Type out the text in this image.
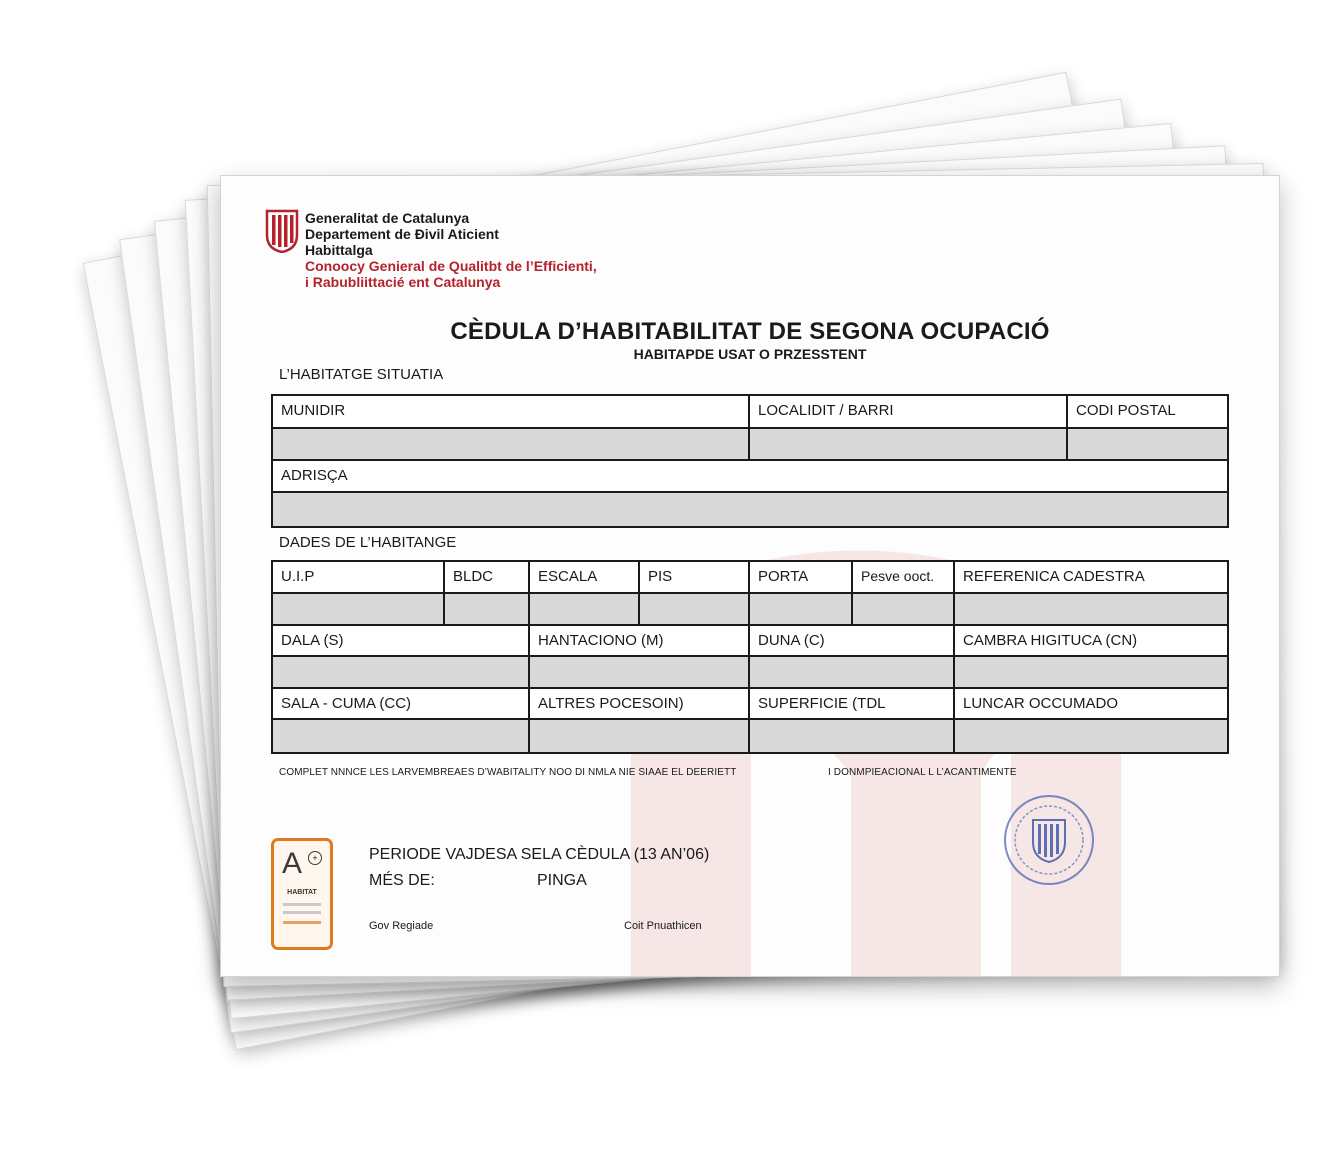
Generalitat de Catalunya
Departement de Ðivil Aticient
Habittalga
Conoocy Genieral de Qualitbt de l’Efficienti,
i Rabubliittacié ent Catalunya
CÈDULA D’HABITABILITAT DE SEGONA OCUPACIÓ
HABITAPDE USAT O PRZESSTENT
L’HABITATGE SITUATIA
MUNIDIR	LOCALIDIT / BARRI	CODI POSTAL
ADRISÇA
DADES DE L’HABITANGE
U.I.P	BLDC	ESCALA	PIS	PORTA	Pesve ooct.	REFERENICA CADESTRA
DALA (S)	HANTACIONO (M)	DUNA (C)	CAMBRA HIGITUCA (CN)
SALA - CUMA (CC)	ALTRES POCESOIN)	SUPERFICIE (TDL	LUNCAR OCCUMADO
COMPLET NNNCE LES LARVEMBREAES D’WABITALITY NOO DI NMLA NIE SIAAE EL DEERIETT	I DONMPIEACIONAL L L’ACANTIMENTE
A	+
HABITAT
PERIODE VAJDESA SELA CÈDULA (13 AN’06)
MÉS DE:	PINGA
Gov Regiade	Coit Pnuathicen
